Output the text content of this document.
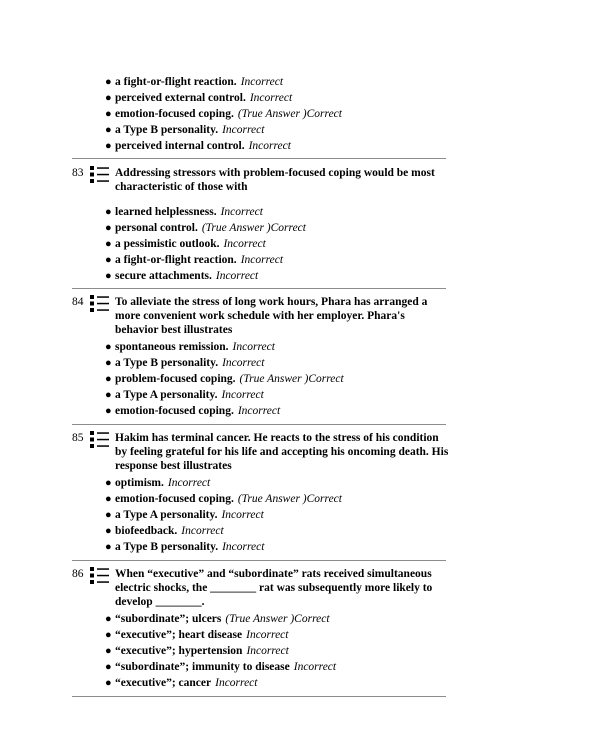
● a fight-or-flight reaction. Incorrect
● perceived external control. Incorrect
● emotion-focused coping. (True Answer )Correct
● a Type B personality. Incorrect
● perceived internal control. Incorrect
83	Addressing stressors with problem-focused coping would be most characteristic of those with
● learned helplessness. Incorrect
● personal control. (True Answer )Correct
● a pessimistic outlook. Incorrect
● a fight-or-flight reaction. Incorrect
● secure attachments. Incorrect
84	To alleviate the stress of long work hours, Phara has arranged a more convenient work schedule with her employer. Phara's behavior best illustrates
● spontaneous remission. Incorrect
● a Type B personality. Incorrect
● problem-focused coping. (True Answer )Correct
● a Type A personality. Incorrect
● emotion-focused coping. Incorrect
85	Hakim has terminal cancer. He reacts to the stress of his condition by feeling grateful for his life and accepting his oncoming death. His response best illustrates
● optimism. Incorrect
● emotion-focused coping. (True Answer )Correct
● a Type A personality. Incorrect
● biofeedback. Incorrect
● a Type B personality. Incorrect
86	When “executive” and “subordinate” rats received simultaneous electric shocks, the ________ rat was subsequently more likely to develop ________.
● “subordinate”; ulcers (True Answer )Correct
● “executive”; heart disease Incorrect
● “executive”; hypertension Incorrect
● “subordinate”; immunity to disease Incorrect
● “executive”; cancer Incorrect
